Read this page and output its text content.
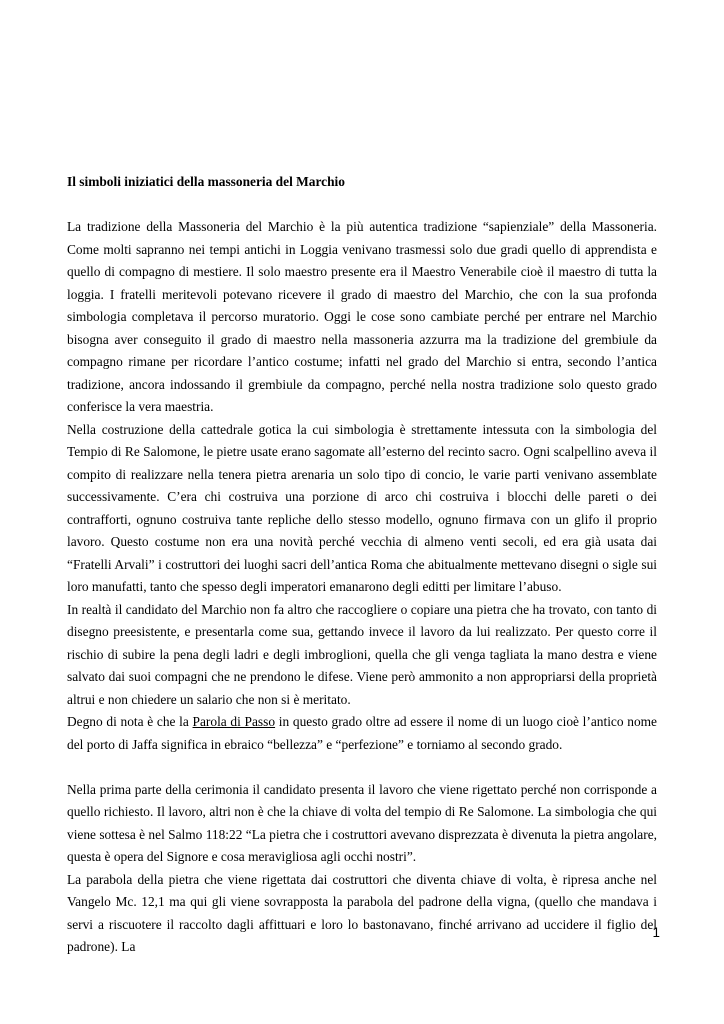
Il simboli iniziatici della massoneria del Marchio

La tradizione della Massoneria del Marchio è la più autentica tradizione “sapienziale” della Massoneria. Come molti sapranno nei tempi antichi in Loggia venivano trasmessi solo due gradi quello di apprendista e quello di compagno di mestiere. Il solo maestro presente era il Maestro Venerabile cioè il maestro di tutta la loggia. I fratelli meritevoli potevano ricevere il grado di maestro del Marchio, che con la sua profonda simbologia completava il percorso muratorio. Oggi le cose sono cambiate perché per entrare nel Marchio bisogna aver conseguito il grado di maestro nella massoneria azzurra ma la tradizione del grembiule da compagno rimane per ricordare l’antico costume; infatti nel grado del Marchio si entra, secondo l’antica tradizione, ancora indossando il grembiule da compagno, perché nella nostra tradizione solo questo grado conferisce la vera maestria.

Nella costruzione della cattedrale gotica la cui simbologia è strettamente intessuta con la simbologia del Tempio di Re Salomone, le pietre usate erano sagomate all’esterno del recinto sacro. Ogni scalpellino aveva il compito di realizzare nella tenera pietra arenaria un solo tipo di concio, le varie parti venivano assemblate successivamente. C’era chi costruiva una porzione di arco chi costruiva i blocchi delle pareti o dei contrafforti, ognuno costruiva tante repliche dello stesso modello, ognuno firmava con un glifo il proprio lavoro. Questo costume non era una novità perché vecchia di almeno venti secoli, ed era già usata dai “Fratelli Arvali” i costruttori dei luoghi sacri dell’antica Roma che abitualmente mettevano disegni o sigle sui loro manufatti, tanto che spesso degli imperatori emanarono degli editti per limitare l’abuso.

In realtà il candidato del Marchio non fa altro che raccogliere o copiare una pietra che ha trovato, con tanto di disegno preesistente, e presentarla come sua, gettando invece il lavoro da lui realizzato. Per questo corre il rischio di subire la pena degli ladri e degli imbroglioni, quella che gli venga tagliata la mano destra e viene salvato dai suoi compagni che ne prendono le difese. Viene però ammonito a non appropriarsi della proprietà altrui e non chiedere un salario che non si è meritato.

Degno di nota è che la Parola di Passo in questo grado oltre ad essere il nome di un luogo cioè l’antico nome del porto di Jaffa significa in ebraico “bellezza” e “perfezione” e torniamo al secondo grado.

Nella prima parte della cerimonia il candidato presenta il lavoro che viene rigettato perché non corrisponde a quello richiesto. Il lavoro, altri non è che la chiave di volta del tempio di Re Salomone. La simbologia che qui viene sottesa è nel Salmo 118:22 “La pietra che i costruttori avevano disprezzata è divenuta la pietra angolare, questa è opera del Signore e cosa meravigliosa agli occhi nostri”.

La parabola della pietra che viene rigettata dai costruttori che diventa chiave di volta, è ripresa anche nel Vangelo Mc. 12,1 ma qui gli viene sovrapposta la parabola del padrone della vigna, (quello che mandava i servi a riscuotere il raccolto dagli affittuari e loro lo bastonavano, finché arrivano ad uccidere il figlio del padrone). La

1
